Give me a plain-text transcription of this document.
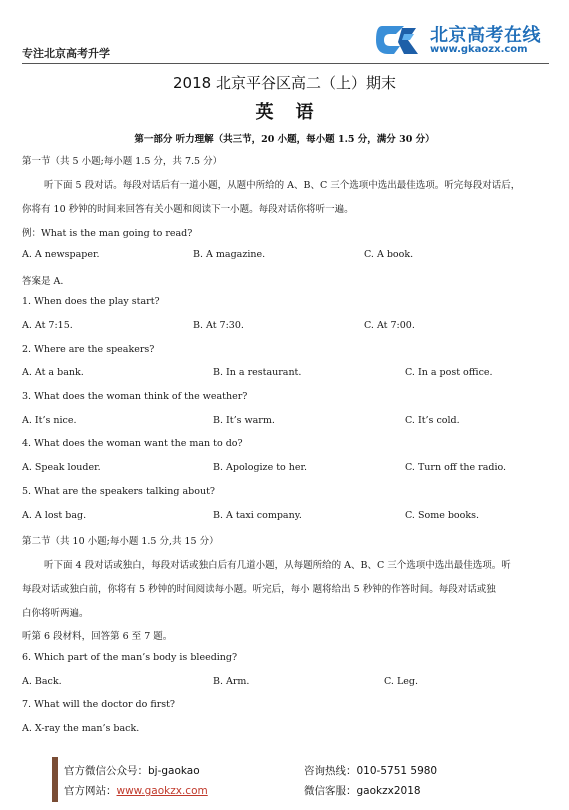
专注北京高考升学
北京高考在线
www.gkaozx.com
2018 北京平谷区高二（上）期末
英语
第一部分 听力理解（共三节，20 小题，每小题 1.5 分，满分 30 分）
第一节（共 5 小题;每小题 1.5 分，共 7.5 分）
听下面 5 段对话。每段对话后有一道小题，从题中所给的 A、B、C 三个选项中选出最佳选项。听完每段对话后，
你将有 10 秒钟的时间来回答有关小题和阅读下一小题。每段对话你将听一遍。
例：What is the man going to read?
A. A newspaper.	B. A magazine.	C. A book.
答案是 A.
1. When does the play start?
A. At 7:15.	B. At 7:30.	C. At 7:00.
2. Where are the speakers?
A. At a bank.	B. In a restaurant.	C. In a post office.
3. What does the woman think of the weather?
A. It’s nice.	B. It’s warm.	C. It’s cold.
4. What does the woman want the man to do?
A. Speak louder.	B. Apologize to her.	C. Turn off the radio.
5. What are the speakers talking about?
A. A lost bag.	B. A taxi company.	C. Some books.
第二节（共 10 小题;每小题 1.5 分,共 15 分）
听下面 4 段对话或独白，每段对话或独白后有几道小题，从每题所给的 A、B、C 三个选项中选出最佳选项。听
每段对话或独白前，你将有 5 秒钟的时间阅读每小题。听完后，每小 题将给出 5 秒钟的作答时间。每段对话或独
白你将听两遍。
听第 6 段材料，回答第 6 至 7 题。
6. Which part of the man’s body is bleeding?
A. Back.	B. Arm.	C. Leg.
7. What will the doctor do first?
A. X-ray the man’s back.
官方微信公众号：bj-gaokao
官方网站：www.gaokzx.com
咨询热线：010-5751 5980
微信客服：gaokzx2018
